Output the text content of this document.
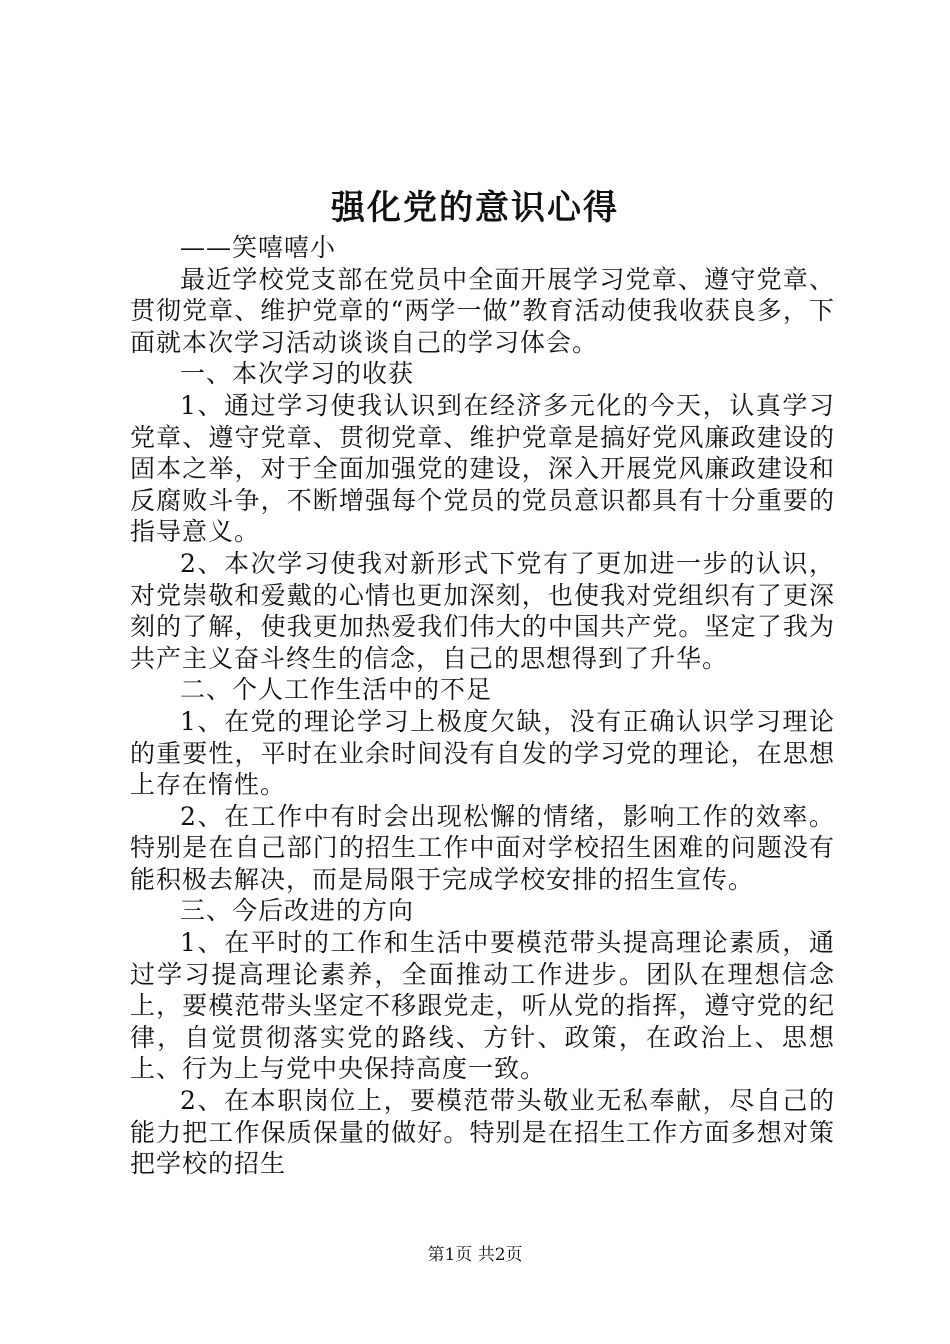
强化党的意识心得

——笑嘻嘻小

最近学校党支部在党员中全面开展学习党章、遵守党章、贯彻党章、维护党章的“两学一做”教育活动使我收获良多，下面就本次学习活动谈谈自己的学习体会。

一、本次学习的收获

1、通过学习使我认识到在经济多元化的今天，认真学习党章、遵守党章、贯彻党章、维护党章是搞好党风廉政建设的固本之举，对于全面加强党的建设，深入开展党风廉政建设和反腐败斗争，不断增强每个党员的党员意识都具有十分重要的指导意义。

2、本次学习使我对新形式下党有了更加进一步的认识，对党崇敬和爱戴的心情也更加深刻，也使我对党组织有了更深刻的了解，使我更加热爱我们伟大的中国共产党。坚定了我为共产主义奋斗终生的信念，自己的思想得到了升华。

二、个人工作生活中的不足

1、在党的理论学习上极度欠缺，没有正确认识学习理论的重要性，平时在业余时间没有自发的学习党的理论，在思想上存在惰性。

2、在工作中有时会出现松懈的情绪，影响工作的效率。特别是在自己部门的招生工作中面对学校招生困难的问题没有能积极去解决，而是局限于完成学校安排的招生宣传。

三、今后改进的方向

1、在平时的工作和生活中要模范带头提高理论素质，通过学习提高理论素养，全面推动工作进步。团队在理想信念上，要模范带头坚定不移跟党走，听从党的指挥，遵守党的纪律，自觉贯彻落实党的路线、方针、政策，在政治上、思想上、行为上与党中央保持高度一致。

2、在本职岗位上，要模范带头敬业无私奉献，尽自己的能力把工作保质保量的做好。特别是在招生工作方面多想对策把学校的招生

第1页 共2页
